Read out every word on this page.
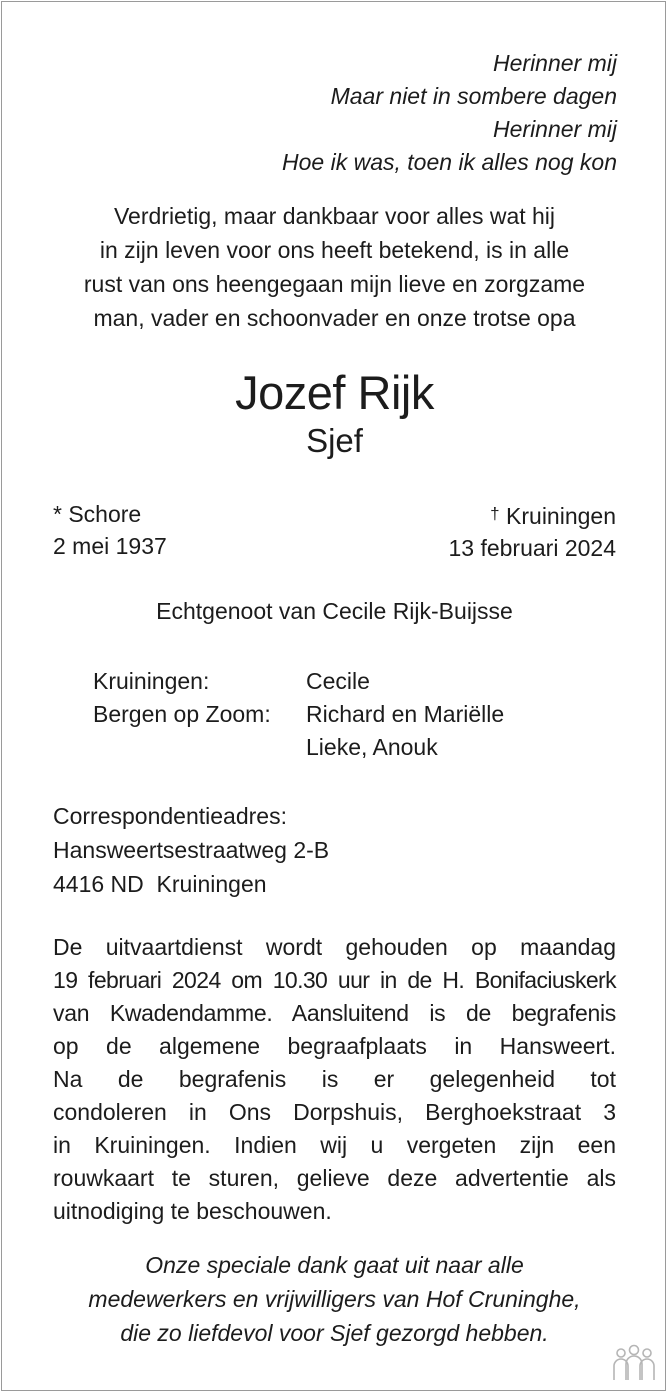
Herinner mij
Maar niet in sombere dagen
Herinner mij
Hoe ik was, toen ik alles nog kon
Verdrietig, maar dankbaar voor alles wat hij
in zijn leven voor ons heeft betekend, is in alle
rust van ons heengegaan mijn lieve en zorgzame
man, vader en schoonvader en onze trotse opa
Jozef Rijk
Sjef
* Schore
2 mei 1937
† Kruiningen
13 februari 2024
Echtgenoot van Cecile Rijk-Buijsse
Kruiningen:	Cecile
Bergen op Zoom:	Richard en Mariëlle
Lieke, Anouk
Correspondentieadres:
Hansweertsestraatweg 2-B
4416 ND  Kruiningen
De uitvaartdienst wordt gehouden op maandag
19 februari 2024 om 10.30 uur in de H. Bonifaciuskerk
van Kwadendamme. Aansluitend is de begrafenis
op de algemene begraafplaats in Hansweert.
Na de begrafenis is er gelegenheid tot
condoleren in Ons Dorpshuis, Berghoekstraat 3
in Kruiningen. Indien wij u vergeten zijn een
rouwkaart te sturen, gelieve deze advertentie als
uitnodiging te beschouwen.
Onze speciale dank gaat uit naar alle
medewerkers en vrijwilligers van Hof Cruninghe,
die zo liefdevol voor Sjef gezorgd hebben.
